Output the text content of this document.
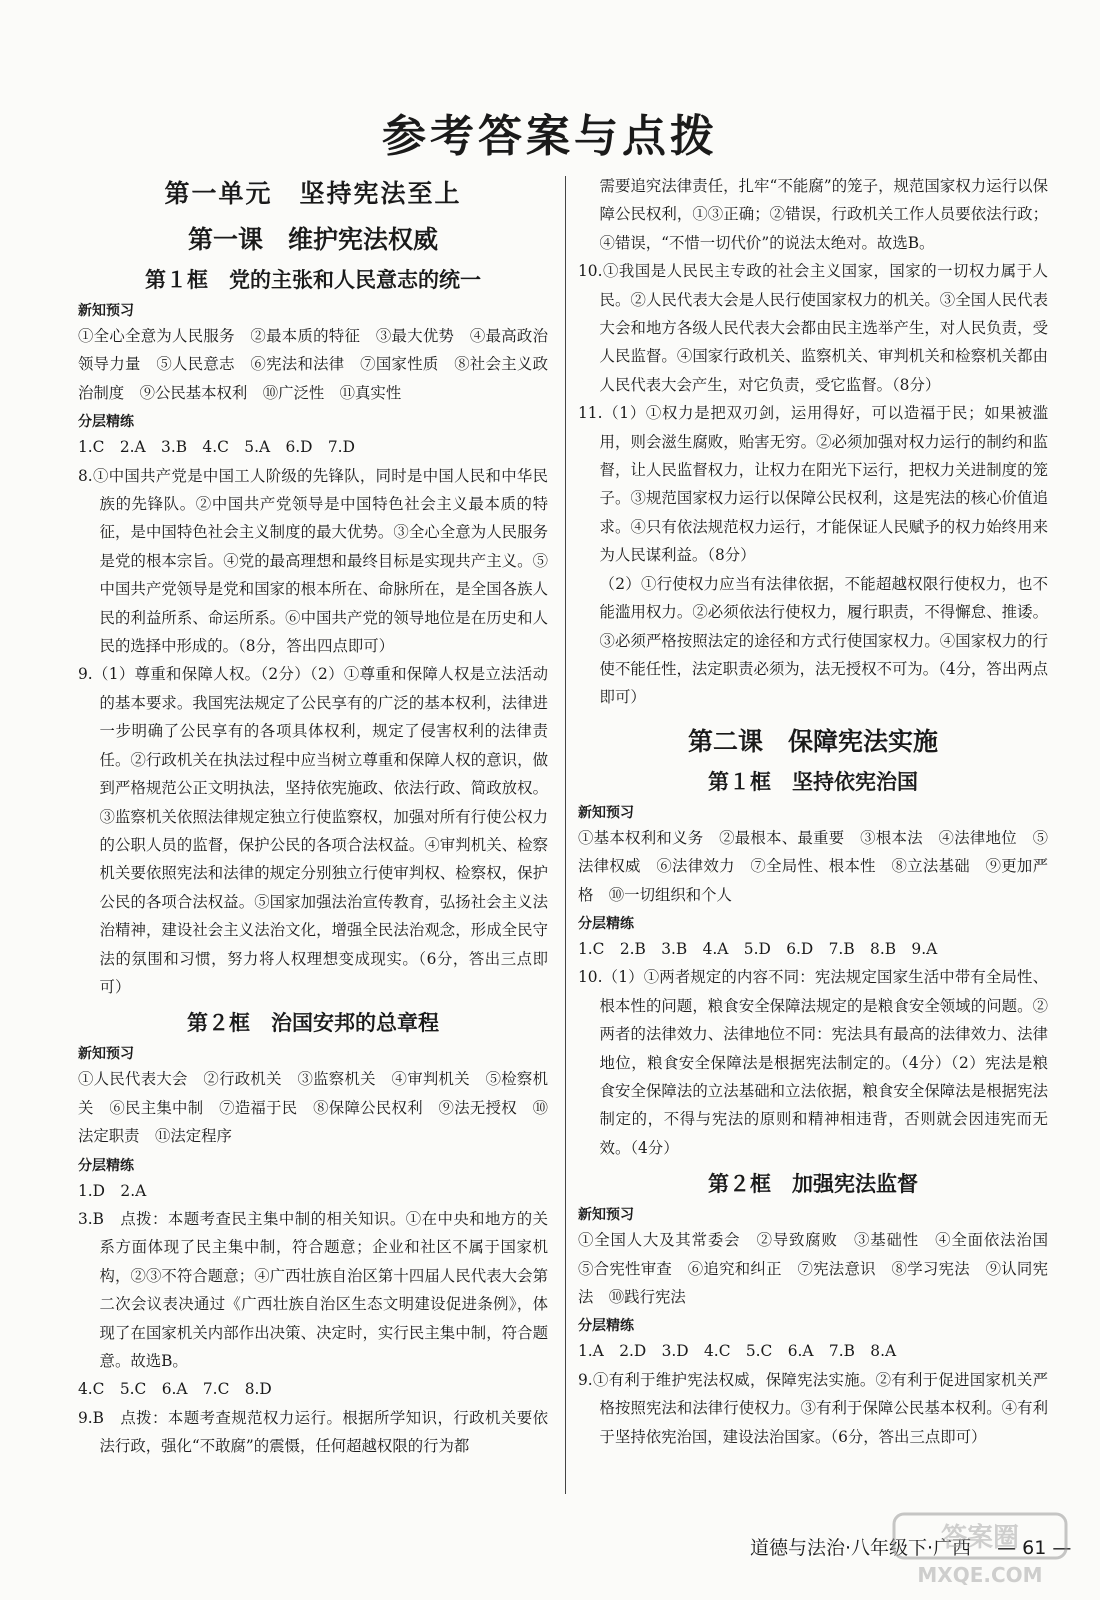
参考答案与点拨
第一单元　坚持宪法至上
第一课　维护宪法权威
第１框　党的主张和人民意志的统一
新知预习

①全心全意为人民服务　②最本质的特征　③最大优势　④最高政治领导力量　⑤人民意志　⑥宪法和法律　⑦国家性质　⑧社会主义政治制度　⑨公民基本权利　⑩广泛性　⑪真实性

分层精练

1.C　2.A　3.B　4.C　5.A　6.D　7.D

8.①中国共产党是中国工人阶级的先锋队，同时是中国人民和中华民族的先锋队。②中国共产党领导是中国特色社会主义最本质的特征，是中国特色社会主义制度的最大优势。③全心全意为人民服务是党的根本宗旨。④党的最高理想和最终目标是实现共产主义。⑤中国共产党领导是党和国家的根本所在、命脉所在，是全国各族人民的利益所系、命运所系。⑥中国共产党的领导地位是在历史和人民的选择中形成的。（8分，答出四点即可）

9.（1）尊重和保障人权。（2分）（2）①尊重和保障人权是立法活动的基本要求。我国宪法规定了公民享有的广泛的基本权利，法律进一步明确了公民享有的各项具体权利，规定了侵害权利的法律责任。②行政机关在执法过程中应当树立尊重和保障人权的意识，做到严格规范公正文明执法，坚持依宪施政、依法行政、简政放权。③监察机关依照法律规定独立行使监察权，加强对所有行使公权力的公职人员的监督，保护公民的各项合法权益。④审判机关、检察机关要依照宪法和法律的规定分别独立行使审判权、检察权，保护公民的各项合法权益。⑤国家加强法治宣传教育，弘扬社会主义法治精神，建设社会主义法治文化，增强全民法治观念，形成全民守法的氛围和习惯，努力将人权理想变成现实。（6分，答出三点即可）

第２框　治国安邦的总章程
新知预习

①人民代表大会　②行政机关　③监察机关　④审判机关　⑤检察机关　⑥民主集中制　⑦造福于民　⑧保障公民权利　⑨法无授权　⑩法定职责　⑪法定程序

分层精练

1.D　2.A

3.B　点拨：本题考查民主集中制的相关知识。①在中央和地方的关系方面体现了民主集中制，符合题意；企业和社区不属于国家机构，②③不符合题意；④广西壮族自治区第十四届人民代表大会第二次会议表决通过《广西壮族自治区生态文明建设促进条例》，体现了在国家机关内部作出决策、决定时，实行民主集中制，符合题意。故选B。

4.C　5.C　6.A　7.C　8.D

9.B　点拨：本题考查规范权力运行。根据所学知识，行政机关要依法行政，强化“不敢腐”的震慑，任何超越权限的行为都

需要追究法律责任，扎牢“不能腐”的笼子，规范国家权力运行以保障公民权利，①③正确；②错误，行政机关工作人员要依法行政；④错误，“不惜一切代价”的说法太绝对。故选B。

10.①我国是人民民主专政的社会主义国家，国家的一切权力属于人民。②人民代表大会是人民行使国家权力的机关。③全国人民代表大会和地方各级人民代表大会都由民主选举产生，对人民负责，受人民监督。④国家行政机关、监察机关、审判机关和检察机关都由人民代表大会产生，对它负责，受它监督。（8分）

11.（1）①权力是把双刃剑，运用得好，可以造福于民；如果被滥用，则会滋生腐败，贻害无穷。②必须加强对权力运行的制约和监督，让人民监督权力，让权力在阳光下运行，把权力关进制度的笼子。③规范国家权力运行以保障公民权利，这是宪法的核心价值追求。④只有依法规范权力运行，才能保证人民赋予的权力始终用来为人民谋利益。（8分）

（2）①行使权力应当有法律依据，不能超越权限行使权力，也不能滥用权力。②必须依法行使权力，履行职责，不得懈怠、推诿。③必须严格按照法定的途径和方式行使国家权力。④国家权力的行使不能任性，法定职责必须为，法无授权不可为。（4分，答出两点即可）

第二课　保障宪法实施
第１框　坚持依宪治国
新知预习

①基本权利和义务　②最根本、最重要　③根本法　④法律地位　⑤法律权威　⑥法律效力　⑦全局性、根本性　⑧立法基础　⑨更加严格　⑩一切组织和个人

分层精练

1.C　2.B　3.B　4.A　5.D　6.D　7.B　8.B　9.A

10.（1）①两者规定的内容不同：宪法规定国家生活中带有全局性、根本性的问题，粮食安全保障法规定的是粮食安全领域的问题。②两者的法律效力、法律地位不同：宪法具有最高的法律效力、法律地位，粮食安全保障法是根据宪法制定的。（4分）（2）宪法是粮食安全保障法的立法基础和立法依据，粮食安全保障法是根据宪法制定的，不得与宪法的原则和精神相违背，否则就会因违宪而无效。（4分）

第２框　加强宪法监督
新知预习

①全国人大及其常委会　②导致腐败　③基础性　④全面依法治国　⑤合宪性审查　⑥追究和纠正　⑦宪法意识　⑧学习宪法　⑨认同宪法　⑩践行宪法

分层精练

1.A　2.D　3.D　4.C　5.C　6.A　7.B　8.A

9.①有利于维护宪法权威，保障宪法实施。②有利于促进国家机关严格按照宪法和法律行使权力。③有利于保障公民基本权利。④有利于坚持依宪治国，建设法治国家。（6分，答出三点即可）

道德与法治·八年级下·广西 — 61 —
答案圈
MXQE.COM
